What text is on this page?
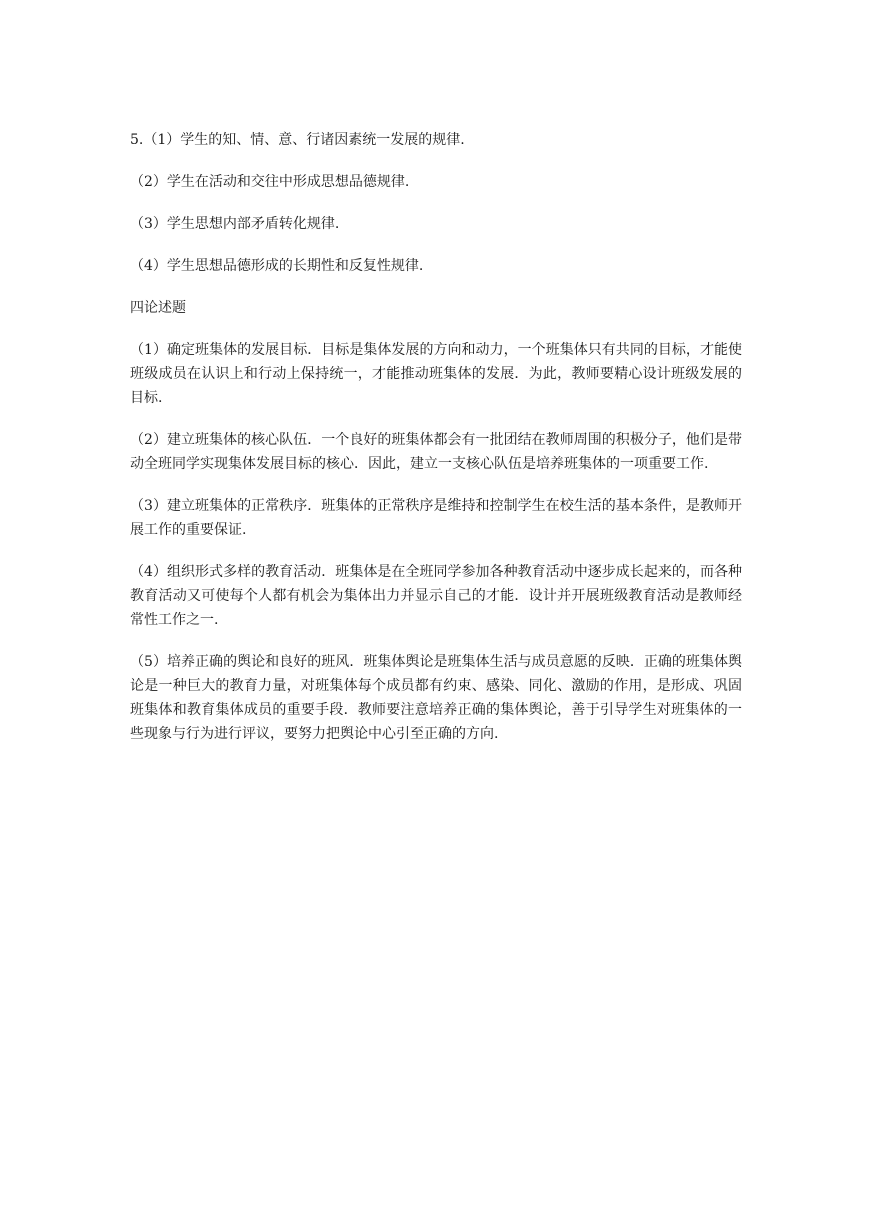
5.（1）学生的知、情、意、行诸因素统一发展的规律.

（2）学生在活动和交往中形成思想品德规律.

（3）学生思想内部矛盾转化规律.

（4）学生思想品德形成的长期性和反复性规律.

四论述题

（1）确定班集体的发展目标．目标是集体发展的方向和动力，一个班集体只有共同的目标，才能使班级成员在认识上和行动上保持统一，才能推动班集体的发展．为此，教师要精心设计班级发展的目标.

（2）建立班集体的核心队伍．一个良好的班集体都会有一批团结在教师周围的积极分子，他们是带动全班同学实现集体发展目标的核心．因此，建立一支核心队伍是培养班集体的一项重要工作.

（3）建立班集体的正常秩序．班集体的正常秩序是维持和控制学生在校生活的基本条件，是教师开展工作的重要保证.

（4）组织形式多样的教育活动．班集体是在全班同学参加各种教育活动中逐步成长起来的，而各种教育活动又可使每个人都有机会为集体出力并显示自己的才能．设计并开展班级教育活动是教师经常性工作之一.

（5）培养正确的舆论和良好的班风．班集体舆论是班集体生活与成员意愿的反映．正确的班集体舆论是一种巨大的教育力量，对班集体每个成员都有约束、感染、同化、激励的作用，是形成、巩固班集体和教育集体成员的重要手段．教师要注意培养正确的集体舆论，善于引导学生对班集体的一些现象与行为进行评议，要努力把舆论中心引至正确的方向.
